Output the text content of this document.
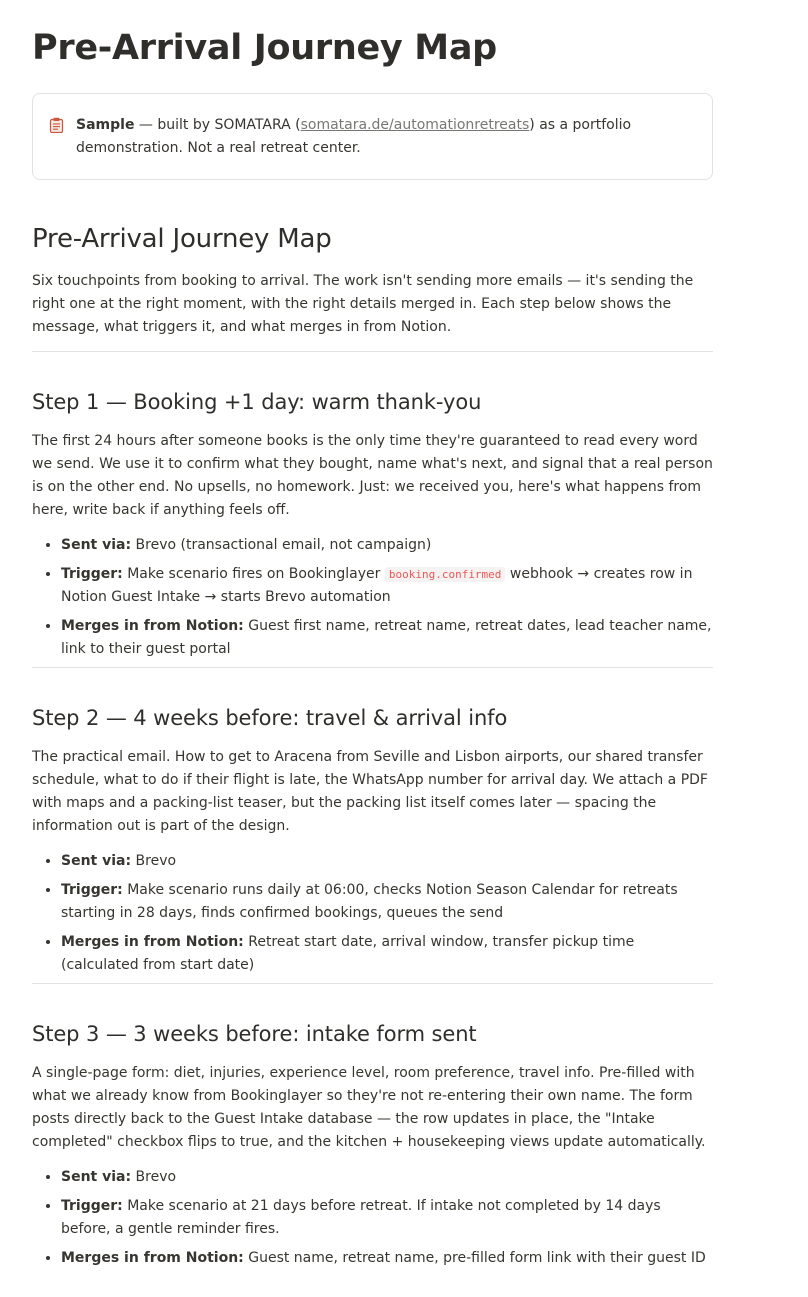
Pre-Arrival Journey Map
Sample — built by SOMATARA (somatara.de/automationretreats) as a portfolio demonstration. Not a real retreat center.
Pre-Arrival Journey Map

Six touchpoints from booking to arrival. The work isn't sending more emails — it's sending the right one at the right moment, with the right details merged in. Each step below shows the message, what triggers it, and what merges in from Notion.

Step 1 — Booking +1 day: warm thank-you

The first 24 hours after someone books is the only time they're guaranteed to read every word we send. We use it to confirm what they bought, name what's next, and signal that a real person is on the other end. No upsells, no homework. Just: we received you, here's what happens from here, write back if anything feels off.

• Sent via: Brevo (transactional email, not campaign)
• Trigger: Make scenario fires on Bookinglayer booking.confirmed webhook → creates row in Notion Guest Intake → starts Brevo automation
• Merges in from Notion: Guest first name, retreat name, retreat dates, lead teacher name, link to their guest portal
Step 2 — 4 weeks before: travel & arrival info

The practical email. How to get to Aracena from Seville and Lisbon airports, our shared transfer schedule, what to do if their flight is late, the WhatsApp number for arrival day. We attach a PDF with maps and a packing-list teaser, but the packing list itself comes later — spacing the information out is part of the design.

• Sent via: Brevo
• Trigger: Make scenario runs daily at 06:00, checks Notion Season Calendar for retreats starting in 28 days, finds confirmed bookings, queues the send
• Merges in from Notion: Retreat start date, arrival window, transfer pickup time (calculated from start date)
Step 3 — 3 weeks before: intake form sent

A single-page form: diet, injuries, experience level, room preference, travel info. Pre-filled with what we already know from Bookinglayer so they're not re-entering their own name. The form posts directly back to the Guest Intake database — the row updates in place, the "Intake completed" checkbox flips to true, and the kitchen + housekeeping views update automatically.

• Sent via: Brevo
• Trigger: Make scenario at 21 days before retreat. If intake not completed by 14 days before, a gentle reminder fires.
• Merges in from Notion: Guest name, retreat name, pre-filled form link with their guest ID
